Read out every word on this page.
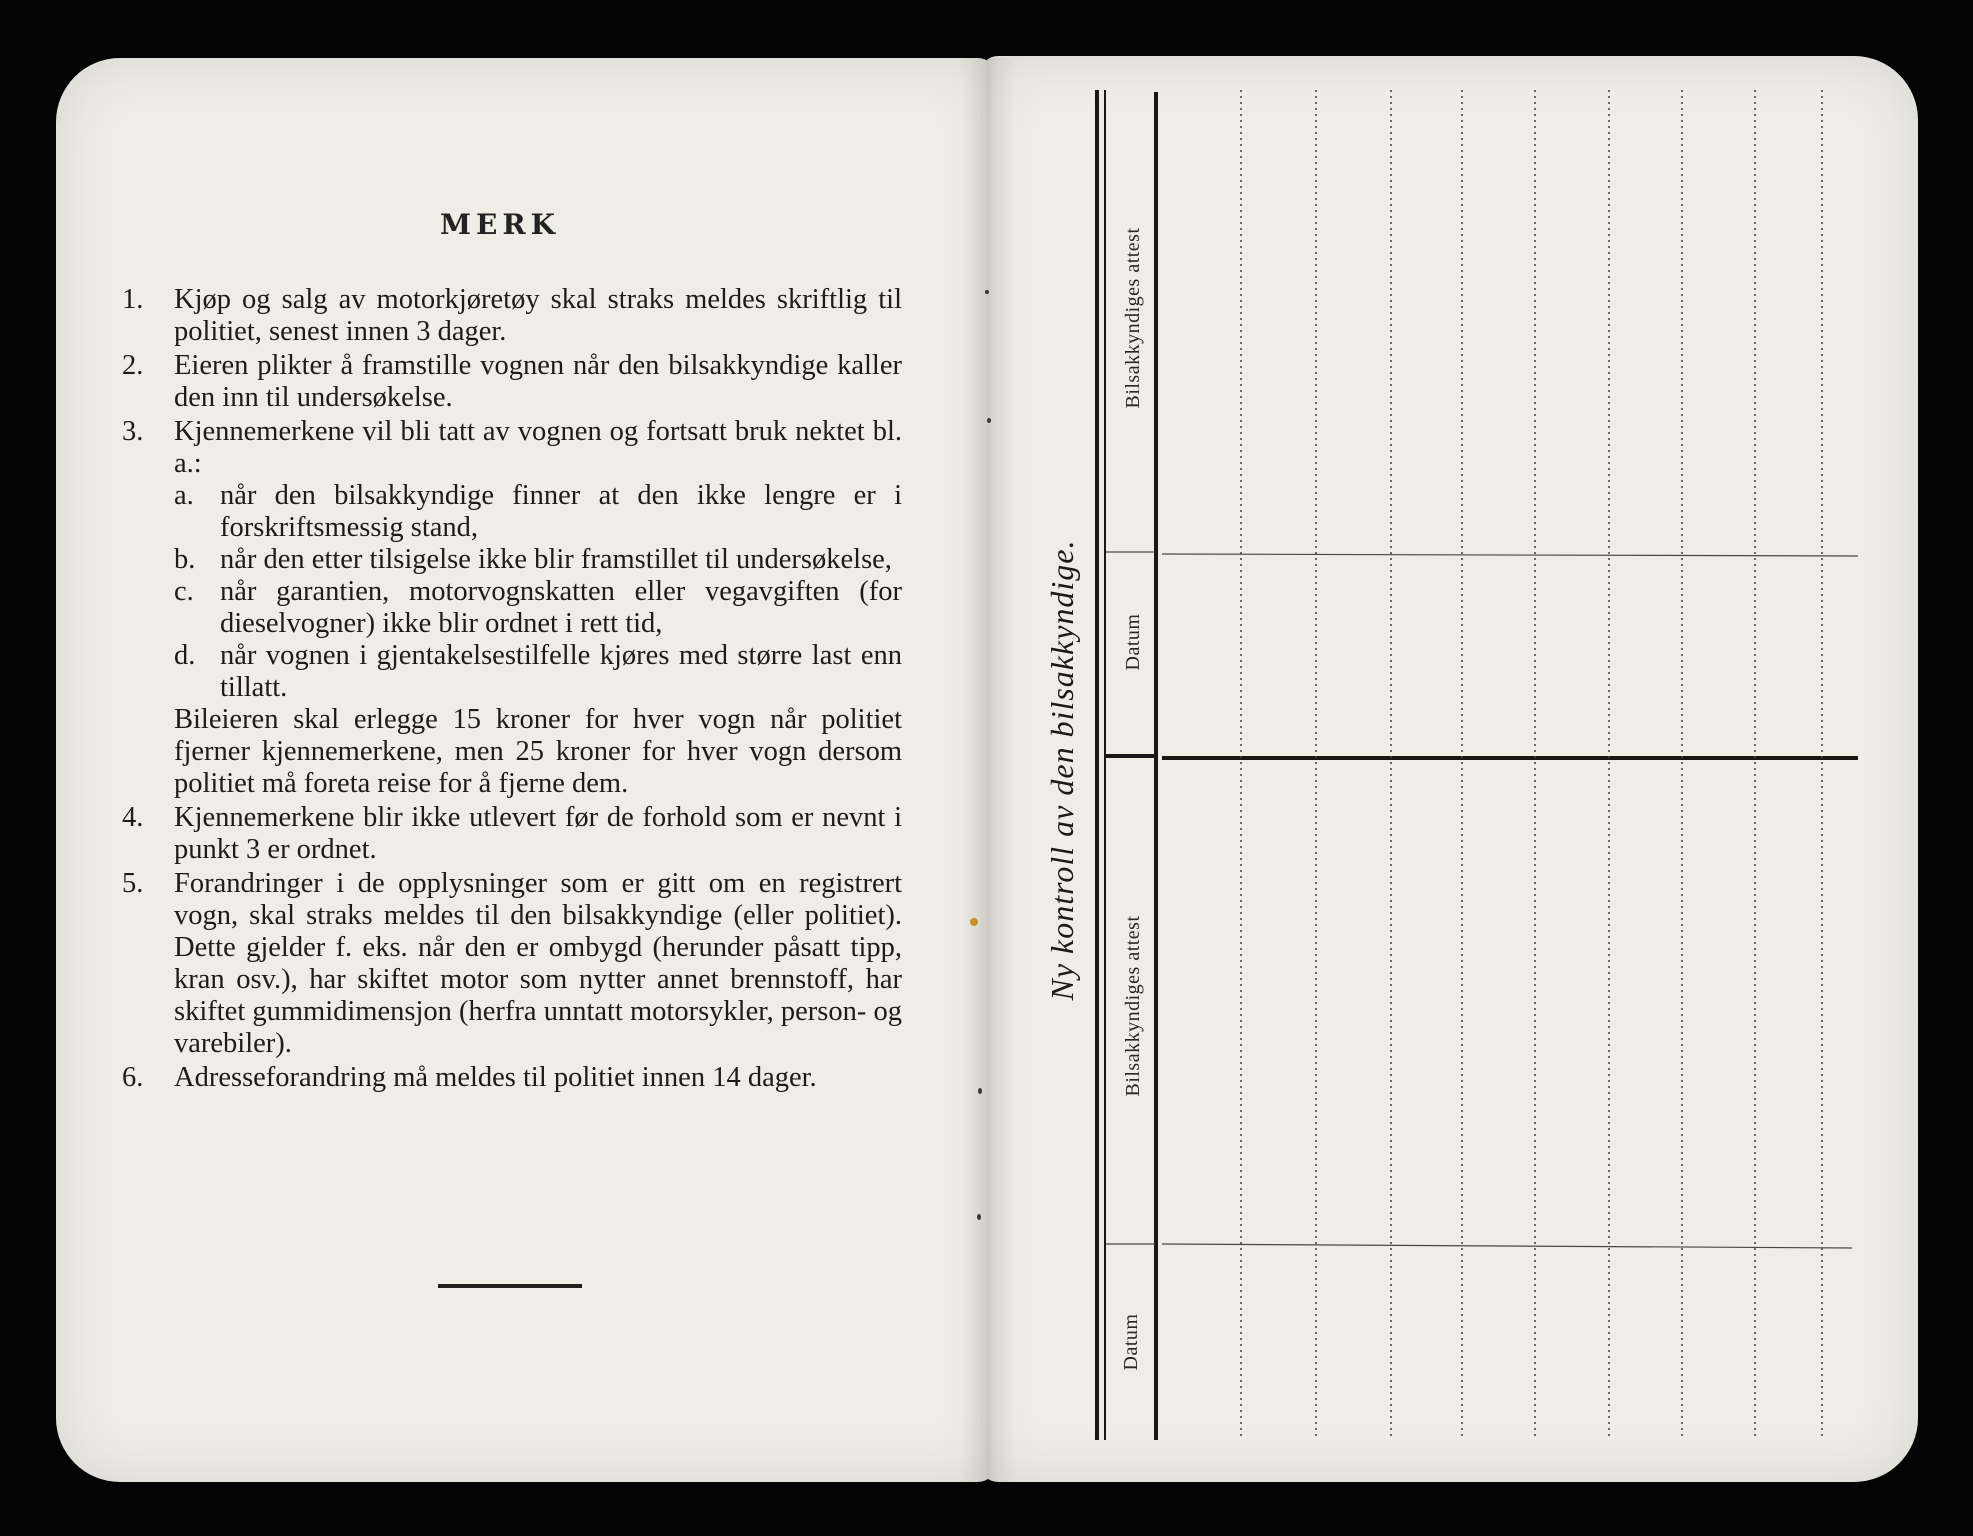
MERK
1.	Kjøp og salg av motorkjøretøy skal straks meldes skriftlig til politiet, senest innen 3 dager.
2.	Eieren plikter å framstille vognen når den bilsakkyndige kaller den inn til undersøkelse.
3.	Kjennemerkene vil bli tatt av vognen og fortsatt bruk nektet bl. a.:
a. når den bilsakkyndige finner at den ikke lengre er i forskriftsmessig stand,
b. når den etter tilsigelse ikke blir framstillet til undersøkelse,
c. når garantien, motorvognskatten eller vegavgiften (for dieselvogner) ikke blir ordnet i rett tid,
d. når vognen i gjentakelsestilfelle kjøres med større last enn tillatt.
Bileieren skal erlegge 15 kroner for hver vogn når politiet fjerner kjennemerkene, men 25 kroner for hver vogn dersom politiet må foreta reise for å fjerne dem.
4.	Kjennemerkene blir ikke utlevert før de forhold som er nevnt i punkt 3 er ordnet.
5.	Forandringer i de opplysninger som er gitt om en registrert vogn, skal straks meldes til den bilsakkyndige (eller politiet). Dette gjelder f. eks. når den er ombygd (herunder påsatt tipp, kran osv.), har skiftet motor som nytter annet brennstoff, har skiftet gummidimensjon (herfra unntatt motorsykler, person- og varebiler).
6.	Adresseforandring må meldes til politiet innen 14 dager.
Bilsakkyndiges attest
Datum
Bilsakkyndiges attest
Datum
Ny kontroll av den bilsakkyndige.
